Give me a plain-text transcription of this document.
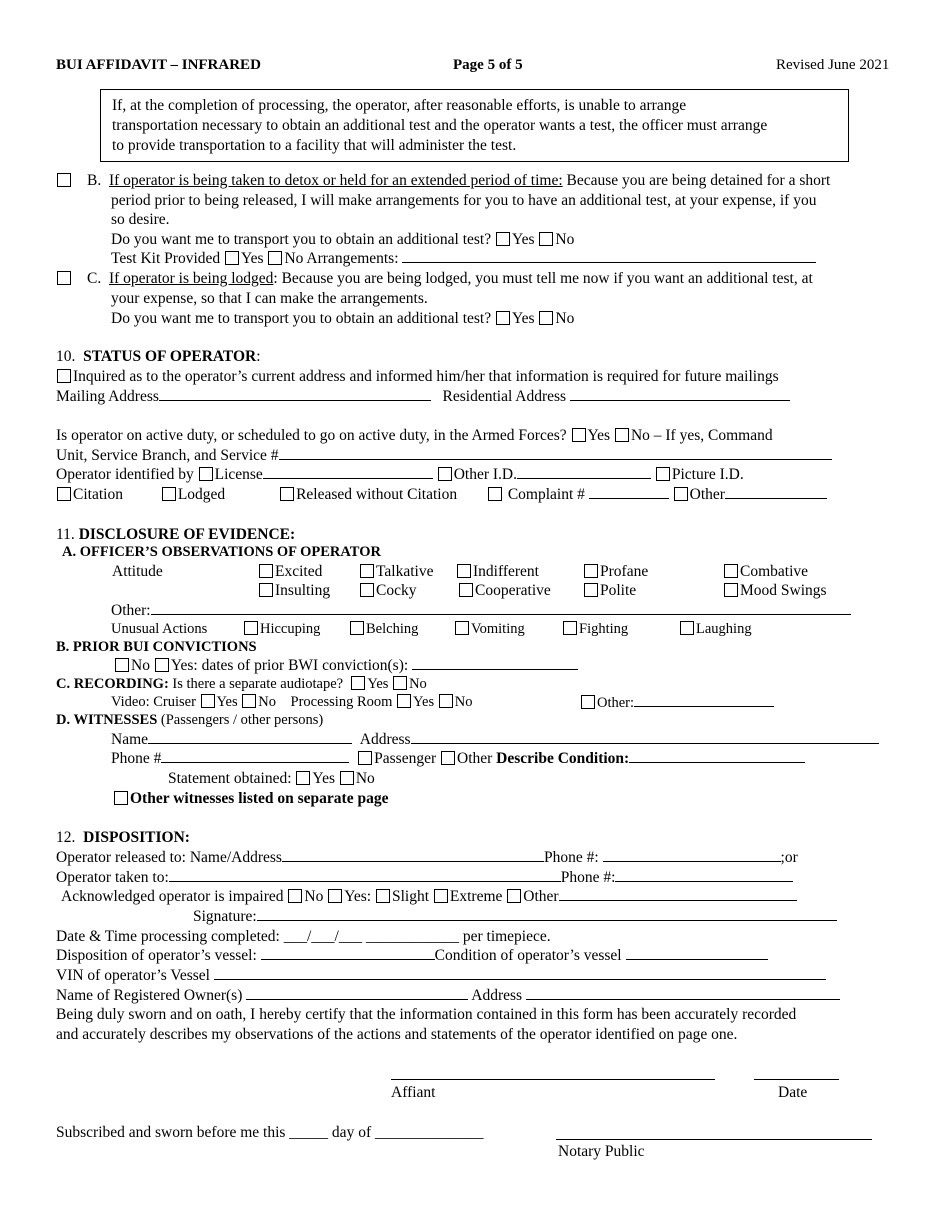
BUI AFFIDAVIT – INFRARED	Page 5 of 5	Revised June 2021
If, at the completion of processing, the operator, after reasonable efforts, is unable to arrange
transportation necessary to obtain an additional test and the operator wants a test, the officer must arrange
to provide transportation to a facility that will administer the test.
B. If operator is being taken to detox or held for an extended period of time: Because you are being detained for a short
period prior to being released, I will make arrangements for you to have an additional test, at your expense, if you
so desire.
Do you want me to transport you to obtain an additional test? Yes No
Test Kit Provided Yes No Arrangements:
C. If operator is being lodged: Because you are being lodged, you must tell me now if you want an additional test, at
your expense, so that I can make the arrangements.
Do you want me to transport you to obtain an additional test? Yes No
10. STATUS OF OPERATOR:
Inquired as to the operator’s current address and informed him/her that information is required for future mailings
Mailing Address	Residential Address
Is operator on active duty, or scheduled to go on active duty, in the Armed Forces? Yes No – If yes, Command
Unit, Service Branch, and Service #
Operator identified by License	Other I.D.	Picture I.D.
Citation	Lodged	Released without Citation	Complaint #	Other
11. DISCLOSURE OF EVIDENCE:
A. OFFICER’S OBSERVATIONS OF OPERATOR
Attitude	Excited	Talkative	Indifferent	Profane	Combative
Insulting	Cocky	Cooperative	Polite	Mood Swings
Other:
Unusual Actions	Hiccuping	Belching	Vomiting	Fighting	Laughing
B. PRIOR BUI CONVICTIONS
No Yes: dates of prior BWI conviction(s):
C. RECORDING: Is there a separate audiotape? Yes No
Video: Cruiser Yes No Processing Room Yes No	Other:
D. WITNESSES (Passengers / other persons)
Name	Address
Phone #	Passenger Other Describe Condition:
Statement obtained: Yes No
Other witnesses listed on separate page
12. DISPOSITION:
Operator released to: Name/Address	Phone #:	;or
Operator taken to:	Phone #:
Acknowledged operator is impaired No Yes: Slight Extreme Other
Signature:
Date & Time processing completed: ___/___/___ ____________ per timepiece.
Disposition of operator’s vessel:	Condition of operator’s vessel
VIN of operator’s Vessel
Name of Registered Owner(s)	Address
Being duly sworn and on oath, I hereby certify that the information contained in this form has been accurately recorded
and accurately describes my observations of the actions and statements of the operator identified on page one.
Affiant	Date
Subscribed and sworn before me this _____ day of ______________
Notary Public
